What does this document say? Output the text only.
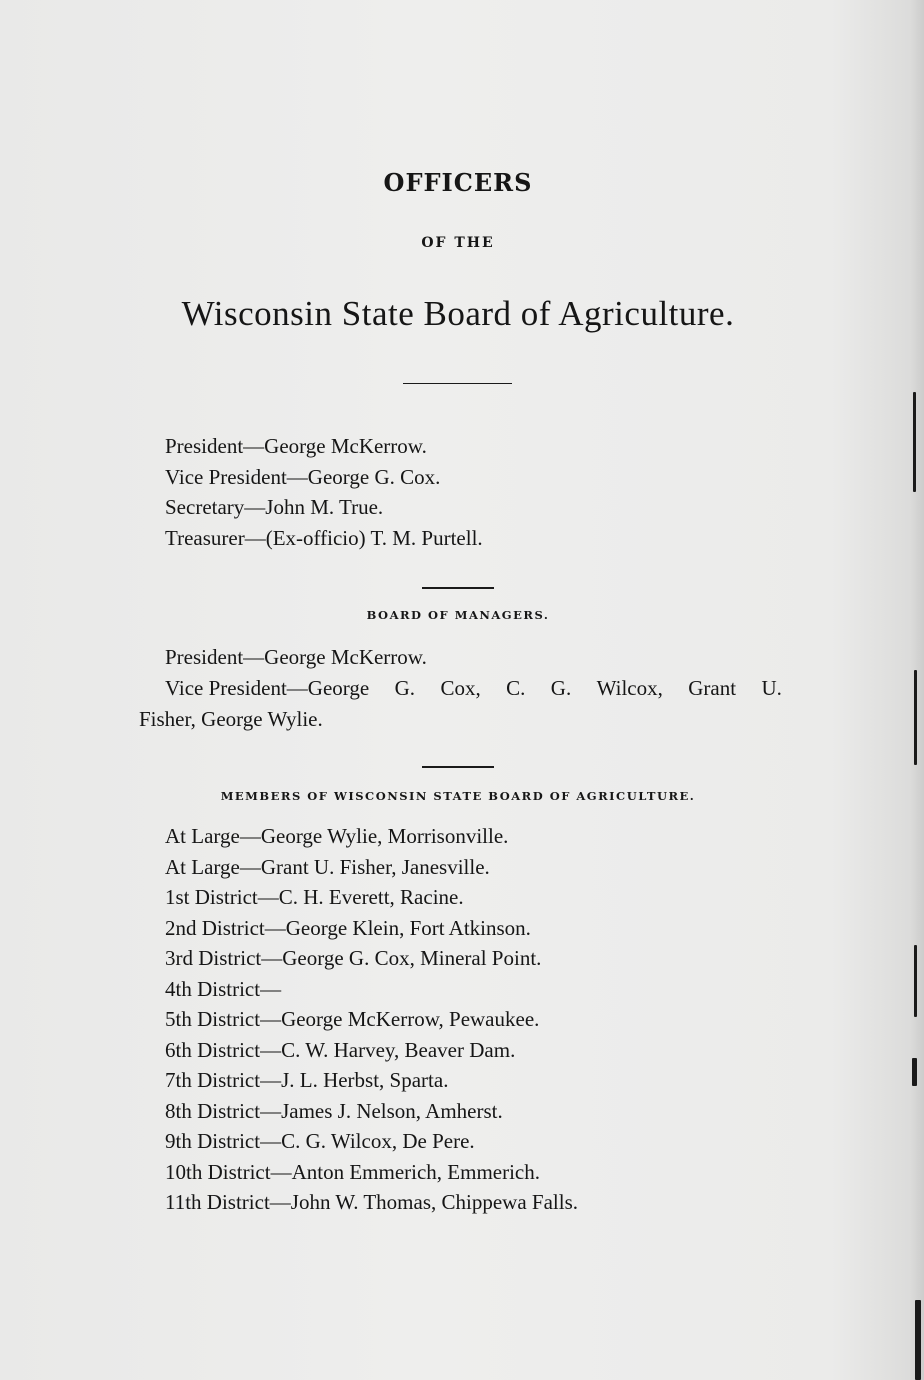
OFFICERS
OF THE
Wisconsin State Board of Agriculture.
President—George McKerrow.
Vice President—George G. Cox.
Secretary—John M. True.
Treasurer—(Ex-officio) T. M. Purtell.
BOARD OF MANAGERS.

President—George McKerrow.

Vice President—George G. Cox, C. G. Wilcox, Grant U.

Fisher, George Wylie.

MEMBERS OF WISCONSIN STATE BOARD OF AGRICULTURE.
At Large—George Wylie, Morrisonville.
At Large—Grant U. Fisher, Janesville.
1st District—C. H. Everett, Racine.
2nd District—George Klein, Fort Atkinson.
3rd District—George G. Cox, Mineral Point.
4th District—
5th District—George McKerrow, Pewaukee.
6th District—C. W. Harvey, Beaver Dam.
7th District—J. L. Herbst, Sparta.
8th District—James J. Nelson, Amherst.
9th District—C. G. Wilcox, De Pere.
10th District—Anton Emmerich, Emmerich.
11th District—John W. Thomas, Chippewa Falls.
